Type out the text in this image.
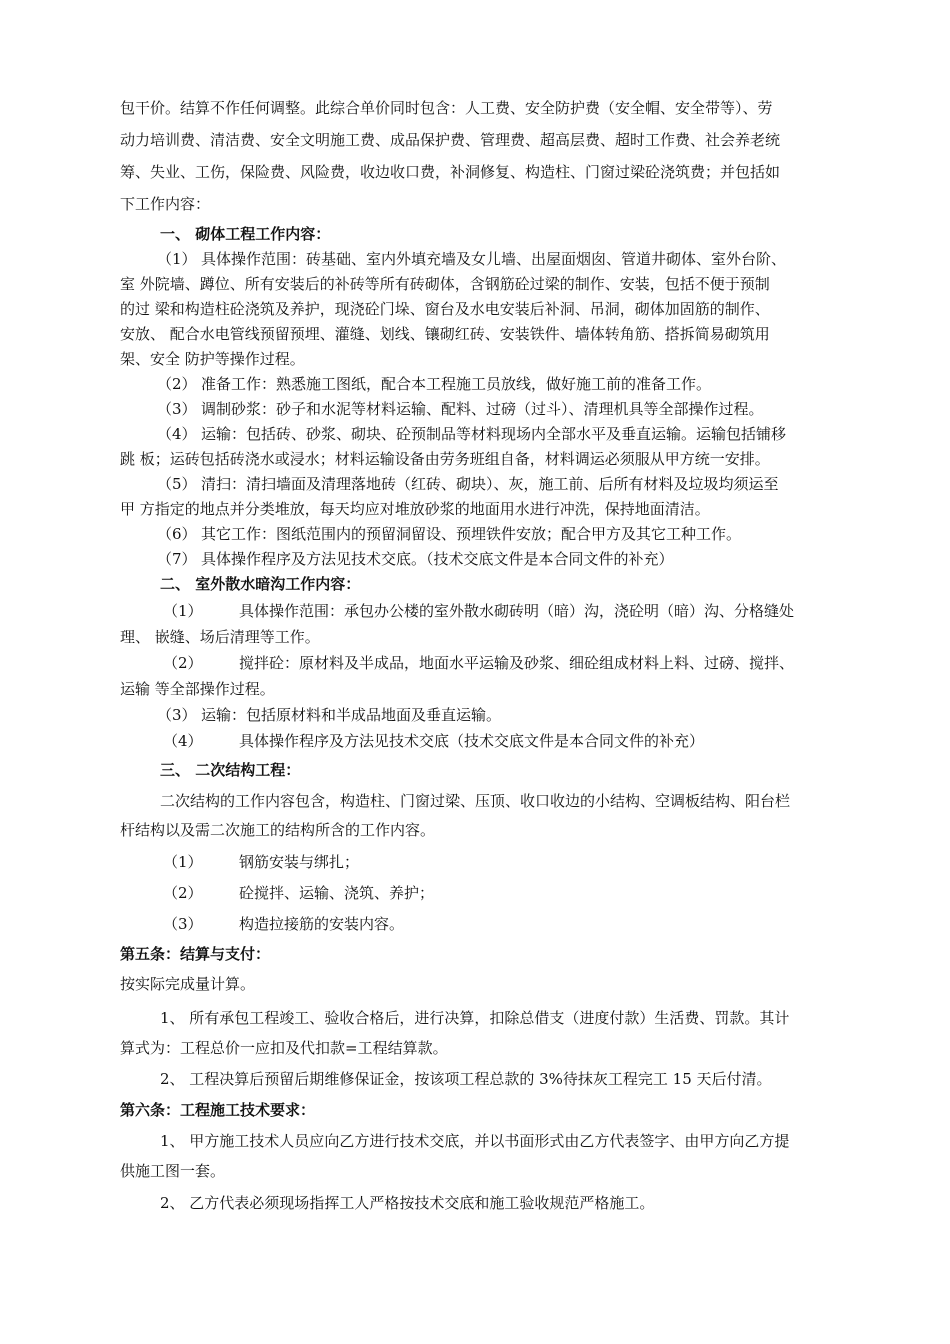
包干价。结算不作任何调整。此综合单价同时包含：人工费、安全防护费（安全帽、安全带等）、劳

动力培训费、清洁费、安全文明施工费、成品保护费、管理费、超高层费、超时工作费、社会养老统

筹、失业、工伤，保险费、风险费，收边收口费，补洞修复、构造柱、门窗过梁砼浇筑费；并包括如

下工作内容：

一、 砌体工程工作内容：

（1） 具体操作范围：砖基础、室内外填充墙及女儿墙、出屋面烟囱、管道井砌体、室外台阶、

室 外院墙、蹲位、所有安装后的补砖等所有砖砌体，含钢筋砼过梁的制作、安装，包括不便于预制

的过 梁和构造柱砼浇筑及养护，现浇砼门垛、窗台及水电安装后补洞、吊洞，砌体加固筋的制作、

安放、 配合水电管线预留预埋、灌缝、划线、镶砌红砖、安装铁件、墙体转角筋、搭拆简易砌筑用

架、安全 防护等操作过程。

（2） 准备工作：熟悉施工图纸，配合本工程施工员放线，做好施工前的准备工作。

（3） 调制砂浆：砂子和水泥等材料运输、配料、过磅（过斗）、清理机具等全部操作过程。

（4） 运输：包括砖、砂浆、砌块、砼预制品等材料现场内全部水平及垂直运输。运输包括铺移

跳 板；运砖包括砖浇水或浸水；材料运输设备由劳务班组自备，材料调运必须服从甲方统一安排。

（5） 清扫：清扫墙面及清理落地砖（红砖、砌块）、灰，施工前、后所有材料及垃圾均须运至

甲 方指定的地点并分类堆放，每天均应对堆放砂浆的地面用水进行冲洗，保持地面清洁。

（6） 其它工作：图纸范围内的预留洞留设、预埋铁件安放；配合甲方及其它工种工作。

（7） 具体操作程序及方法见技术交底。（技术交底文件是本合同文件的补充）

二、 室外散水暗沟工作内容：

（1） 具体操作范围：承包办公楼的室外散水砌砖明（暗）沟，浇砼明（暗）沟、分格缝处

理、 嵌缝、场后清理等工作。

（2） 搅拌砼：原材料及半成品，地面水平运输及砂浆、细砼组成材料上料、过磅、搅拌、

运输 等全部操作过程。

（3） 运输：包括原材料和半成品地面及垂直运输。

（4） 具体操作程序及方法见技术交底（技术交底文件是本合同文件的补充）

三、 二次结构工程：

二次结构的工作内容包含，构造柱、门窗过梁、压顶、收口收边的小结构、空调板结构、阳台栏

杆结构以及需二次施工的结构所含的工作内容。

（1） 钢筋安装与绑扎；

（2） 砼搅拌、运输、浇筑、养护；

（3） 构造拉接筋的安装内容。

第五条：结算与支付：

按实际完成量计算。

1、 所有承包工程竣工、验收合格后，进行决算，扣除总借支（进度付款）生活费、罚款。其计

算式为：工程总价一应扣及代扣款=工程结算款。

2、 工程决算后预留后期维修保证金，按该项工程总款的 3%待抹灰工程完工 15 天后付清。

第六条：工程施工技术要求：

1、 甲方施工技术人员应向乙方进行技术交底，并以书面形式由乙方代表签字、由甲方向乙方提

供施工图一套。

2、 乙方代表必须现场指挥工人严格按技术交底和施工验收规范严格施工。
